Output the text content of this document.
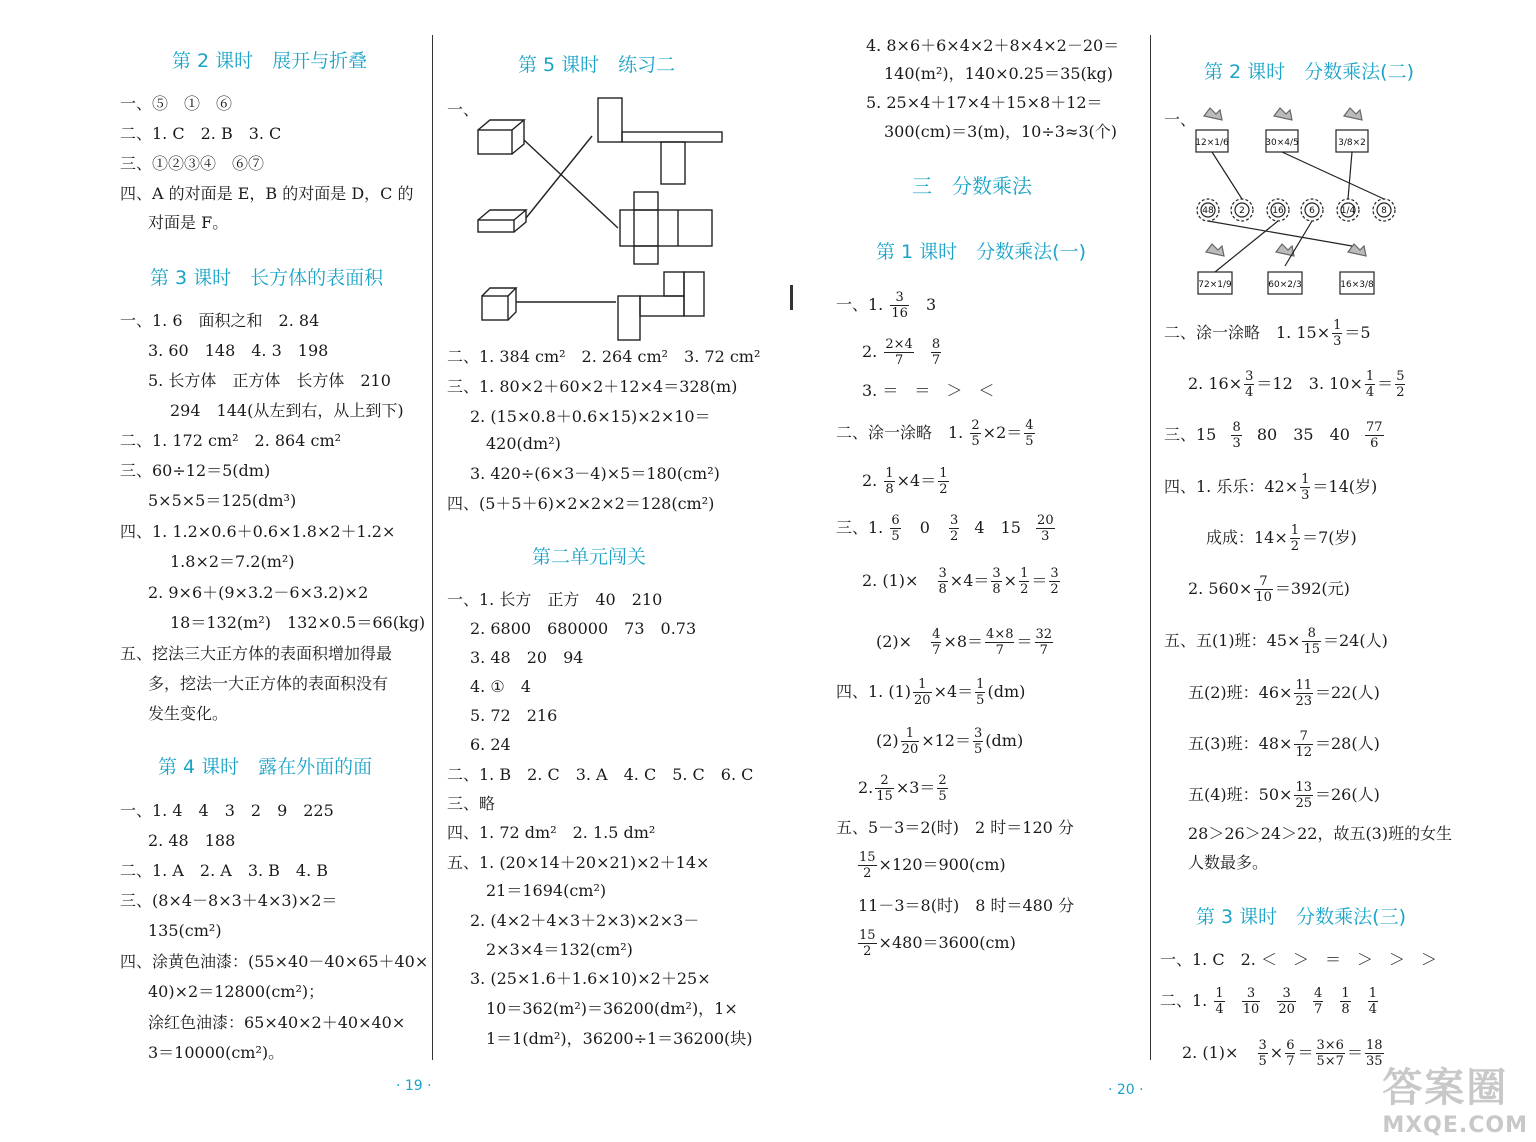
第 2 课时　展开与折叠
一、⑤　①　⑥
二、1. C　2. B　3. C
三、①②③④　⑥⑦
四、A 的对面是 E，B 的对面是 D，C 的
对面是 F。
第 3 课时　长方体的表面积
一、1. 6　面积之和　2. 84
3. 60　148　4. 3　198
5. 长方体　正方体　长方体　210
294　144(从左到右，从上到下)
二、1. 172 cm²　2. 864 cm²
三、60÷12＝5(dm)
5×5×5＝125(dm³)
四、1. 1.2×0.6＋0.6×1.8×2＋1.2×
1.8×2＝7.2(m²)
2. 9×6＋(9×3.2－6×3.2)×2
18＝132(m²)　132×0.5＝66(kg)
五、挖法三大正方体的表面积增加得最
多，挖法一大正方体的表面积没有
发生变化。
第 4 课时　露在外面的面
一、1. 4　4　3　2　9　225
2. 48　188
二、1. A　2. A　3. B　4. B
三、(8×4－8×3＋4×3)×2＝
135(cm²)
四、涂黄色油漆：(55×40－40×65＋40×
40)×2＝12800(cm²)；
涂红色油漆：65×40×2＋40×40×
3＝10000(cm²)。
第 5 课时　练习二
一、
二、1. 384 cm²　2. 264 cm²　3. 72 cm²
三、1. 80×2＋60×2＋12×4＝328(m)
2. (15×0.8＋0.6×15)×2×10＝
420(dm²)
3. 420÷(6×3－4)×5＝180(cm²)
四、(5＋5＋6)×2×2×2＝128(cm²)
第二单元闯关
一、1. 长方　正方　40　210
2. 6800　680000　73　0.73
3. 48　20　94
4. ①　4
5. 72　216
6. 24
二、1. B　2. C　3. A　4. C　5. C　6. C
三、略
四、1. 72 dm²　2. 1.5 dm²
五、1. (20×14＋20×21)×2＋14×
21＝1694(cm²)
2. (4×2＋4×3＋2×3)×2×3－
2×3×4＝132(cm²)
3. (25×1.6＋1.6×10)×2＋25×
10＝362(m²)＝36200(dm²)，1×
1＝1(dm²)，36200÷1＝36200(块)
· 19 ·
4. 8×6＋6×4×2＋8×4×2－20＝
140(m²)，140×0.25＝35(kg)
5. 25×4＋17×4＋15×8＋12＝
300(cm)＝3(m)，10÷3≈3(个)
三　分数乘法
第 1 课时　分数乘法(一)
一、1. $\frac{3}{16} 3$
2. $\frac{2\times 4}{7}$
$\frac{8}{7}$
3. ＝　＝　＞　＜
二、涂一涂略　1. $\frac{2}{5} \times 2= \frac{4}{5}$
2. $\frac{1}{8} \times 4= \frac{1}{2}$
三、1. $\frac{6}{5} 0 \frac{3}{2} 4$　$15 \frac{20}{3}$
2. $(1)\times \frac{3}{8} \times 4= \frac{3}{8} \times \frac{1}{2} = \frac{3}{2}$
$(2)\times \frac{4}{7} \times 8= \frac{4\times 8}{7} = \frac{32}{7}$
四、1. $(1) \frac{1}{20} \times 4= \frac{1}{5} (dm)$
$(2) \frac{1}{20} \times 12= \frac{3}{5} (dm)$
2. $\frac{2}{15} \times 3= \frac{2}{5}$
五、5－3＝2(时)　2 时＝120 分
$\frac{15}{2} \times 120=900(cm)$
11－3＝8(时)　8 时＝480 分
$\frac{15}{2} \times 480=3600(cm)$
· 20 ·
第 2 课时　分数乘法(二)
一、
12×1/6	30×4/5	3/8×2
48	2	16	6	1/4	8
72×1/9	60×2/3	16×3/8
二、涂一涂略　1. $15\times \frac{1}{3} =5$
2. $16\times \frac{3}{4} =12$　3. $10\times \frac{1}{4} = \frac{5}{2}$
三、$15 \frac{8}{3} 80$　35　$40 \frac{77}{6}$
四、1. 乐乐：$42\times \frac{1}{3} =14$(岁)
成成：$14\times \frac{1}{2} =7$(岁)
2. $560\times \frac{7}{10} =392$(元)
五、五(1)班：$45\times \frac{8}{15} =24$(人)
五(2)班：$46\times \frac{11}{23} =22$(人)
五(3)班：$48\times \frac{7}{12} =28$(人)
五(4)班：$50\times \frac{13}{25} =26$(人)
28＞26＞24＞22，故五(3)班的女生
人数最多。
第 3 课时　分数乘法(三)
一、1. C　2. ＜　＞　＝　＞　＞　＞
二、1. $\frac{1}{4}$
$\frac{3}{10}$
$\frac{3}{20}$
$\frac{4}{7}$
$\frac{1}{8}$
$\frac{1}{4}$
2. $(1)\times \frac{3}{5} \times \frac{6}{7} = \frac{3\times 6}{5\times 7} = \frac{18}{35}$
答案圈
MXQE.COM
